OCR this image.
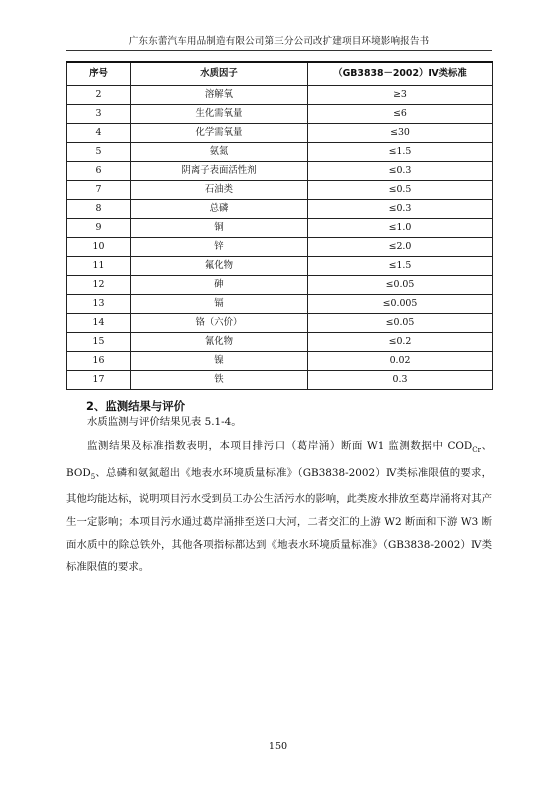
广东东蕾汽车用品制造有限公司第三分公司改扩建项目环境影响报告书
序号	水质因子	（GB3838－2002）Ⅳ类标准
2	溶解氧	≥3
3	生化需氧量	≤6
4	化学需氧量	≤30
5	氨氮	≤1.5
6	阴离子表面活性剂	≤0.3
7	石油类	≤0.5
8	总磷	≤0.3
9	铜	≤1.0
10	锌	≤2.0
11	氟化物	≤1.5
12	砷	≤0.05
13	镉	≤0.005
14	铬（六价）	≤0.05
15	氰化物	≤0.2
16	镍	0.02
17	铁	0.3
2、监测结果与评价

水质监测与评价结果见表 5.1-4。

监测结果及标准指数表明，本项目排污口（葛岸涌）断面 W1 监测数据中 $COD_{Cr}$、$BOD_5$、总磷和氨氮超出《地表水环境质量标准》（GB3838-2002）Ⅳ类标准限值的要求，其他均能达标，说明项目污水受到员工办公生活污水的影响，此类废水排放至葛岸涌将对其产生一定影响；本项目污水通过葛岸涌排至送口大河，二者交汇的上游 W2 断面和下游 W3 断面水质中的除总铁外，其他各项指标都达到《地表水环境质量标准》（GB3838-2002）Ⅳ类标准限值的要求。

150
